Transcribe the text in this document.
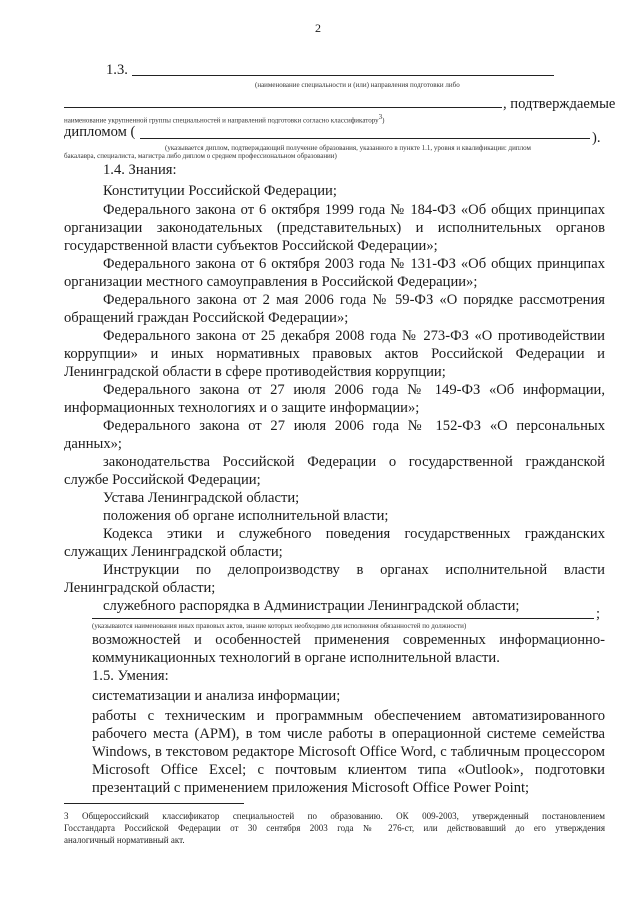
2
1.3.
(наименование специальности и (или) направления подготовки либо
, подтверждаемые
наименование укрупненной группы специальностей и направлений подготовки согласно классификатору$^3$)
дипломом (	).
(указывается диплом, подтверждающий получение образования, указанного в пункте 1.1, уровня и квалификации: диплом
бакалавра, специалиста, магистра либо диплом о среднем профессиональном образовании)
1.4. Знания:
Конституции Российской Федерации;
Федерального закона от 6 октября 1999 года № 184-ФЗ «Об общих принципах
организации законодательных (представительных) и исполнительных органов
государственной власти субъектов Российской Федерации»;
Федерального закона от 6 октября 2003 года № 131-ФЗ «Об общих принципах
организации местного самоуправления в Российской Федерации»;
Федерального закона от 2 мая 2006 года № 59-ФЗ «О порядке рассмотрения
обращений граждан Российской Федерации»;
Федерального закона от 25 декабря 2008 года № 273-ФЗ «О противодействии
коррупции» и иных нормативных правовых актов Российской Федерации и
Ленинградской области в сфере противодействия коррупции;
Федерального закона от 27 июля 2006 года № 149-ФЗ «Об информации,
информационных технологиях и о защите информации»;
Федерального закона от 27 июля 2006 года № 152-ФЗ «О персональных
данных»;
законодательства Российской Федерации о государственной гражданской
службе Российской Федерации;
Устава Ленинградской области;
положения об органе исполнительной власти;
Кодекса этики и служебного поведения государственных гражданских
служащих Ленинградской области;
Инструкции по делопроизводству в органах исполнительной власти
Ленинградской области;
служебного распорядка в Администрации Ленинградской области;	;
(указываются наименования иных правовых актов, знание которых необходимо для исполнения обязанностей по должности)
возможностей и особенностей применения современных информационно-
коммуникационных технологий в органе исполнительной власти.
1.5. Умения:
систематизации и анализа информации;
работы с техническим и программным обеспечением автоматизированного
рабочего места (АРМ), в том числе работы в операционной системе семейства
Windows, в текстовом редакторе Microsoft Office Word, с табличным процессором
Microsoft Office Excel; с почтовым клиентом типа «Outlook», подготовки
презентаций с применением приложения Microsoft Office Power Point;
3 Общероссийский классификатор специальностей по образованию. ОК 009-2003, утвержденный постановлением
Госстандарта Российской Федерации от 30 сентября 2003 года № 276-ст, или действовавший до его утверждения
аналогичный нормативный акт.
